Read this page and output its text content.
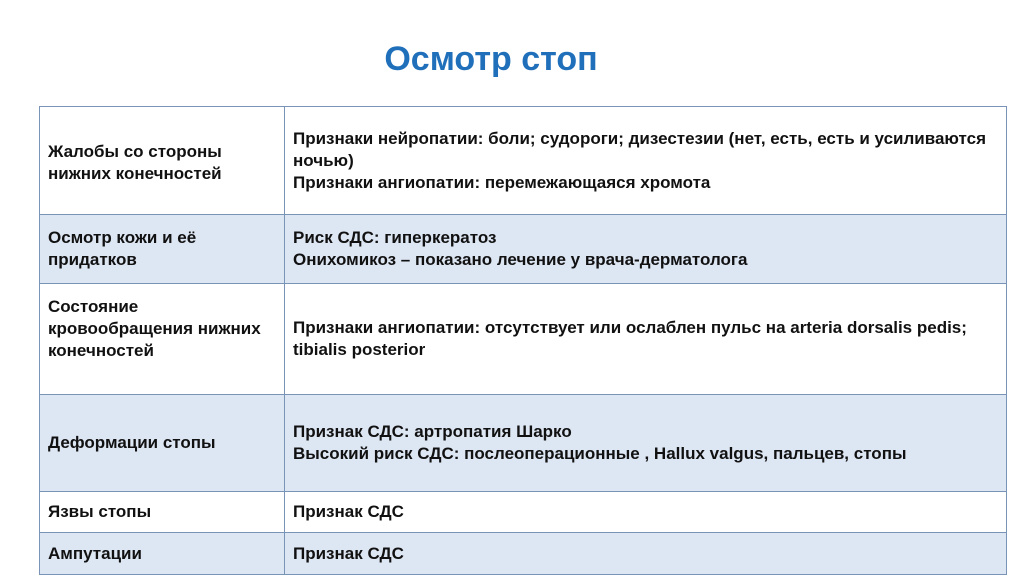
Осмотр стоп
Жалобы со стороны нижних конечностей	Признаки нейропатии: боли; судороги; дизестезии (нет, есть, есть и усиливаются ночью)
Признаки ангиопатии: перемежающаяся хромота

Осмотр кожи и её придатков	Риск СДС: гиперкератоз
Онихомикоз – показано лечение у врача-дерматолога

Состояние кровообращения нижних конечностей	Признаки ангиопатии: отсутствует или ослаблен пульс на arteria dorsalis pedis; tibialis posterior

Деформации стопы	Признак СДС: артропатия Шарко
Высокий риск СДС: послеоперационные , Hallux valgus, пальцев, стопы

Язвы стопы	Признак СДС

Ампутации	Признак СДС
